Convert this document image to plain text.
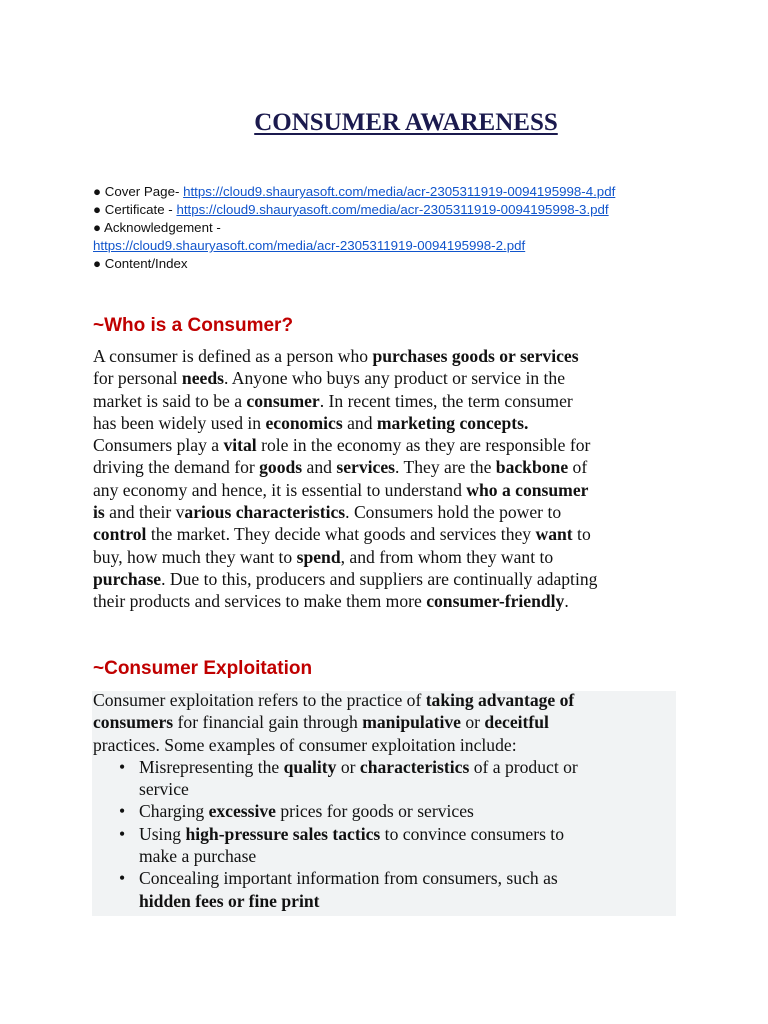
CONSUMER AWARENESS
● Cover Page- https://cloud9.shauryasoft.com/media/acr-2305311919-0094195998-4.pdf
● Certificate - https://cloud9.shauryasoft.com/media/acr-2305311919-0094195998-3.pdf
● Acknowledgement -
https://cloud9.shauryasoft.com/media/acr-2305311919-0094195998-2.pdf
● Content/Index
~Who is a Consumer?
A consumer is defined as a person who purchases goods or services
for personal needs. Anyone who buys any product or service in the
market is said to be a consumer. In recent times, the term consumer
has been widely used in economics and marketing concepts.
Consumers play a vital role in the economy as they are responsible for
driving the demand for goods and services. They are the backbone of
any economy and hence, it is essential to understand who a consumer
is and their various characteristics. Consumers hold the power to
control the market. They decide what goods and services they want to
buy, how much they want to spend, and from whom they want to
purchase. Due to this, producers and suppliers are continually adapting
their products and services to make them more consumer-friendly.
~Consumer Exploitation
Consumer exploitation refers to the practice of taking advantage of
consumers for financial gain through manipulative or deceitful
practices. Some examples of consumer exploitation include:
• Misrepresenting the quality or characteristics of a product or
service
• Charging excessive prices for goods or services
• Using high-pressure sales tactics to convince consumers to
make a purchase
• Concealing important information from consumers, such as
hidden fees or fine print
